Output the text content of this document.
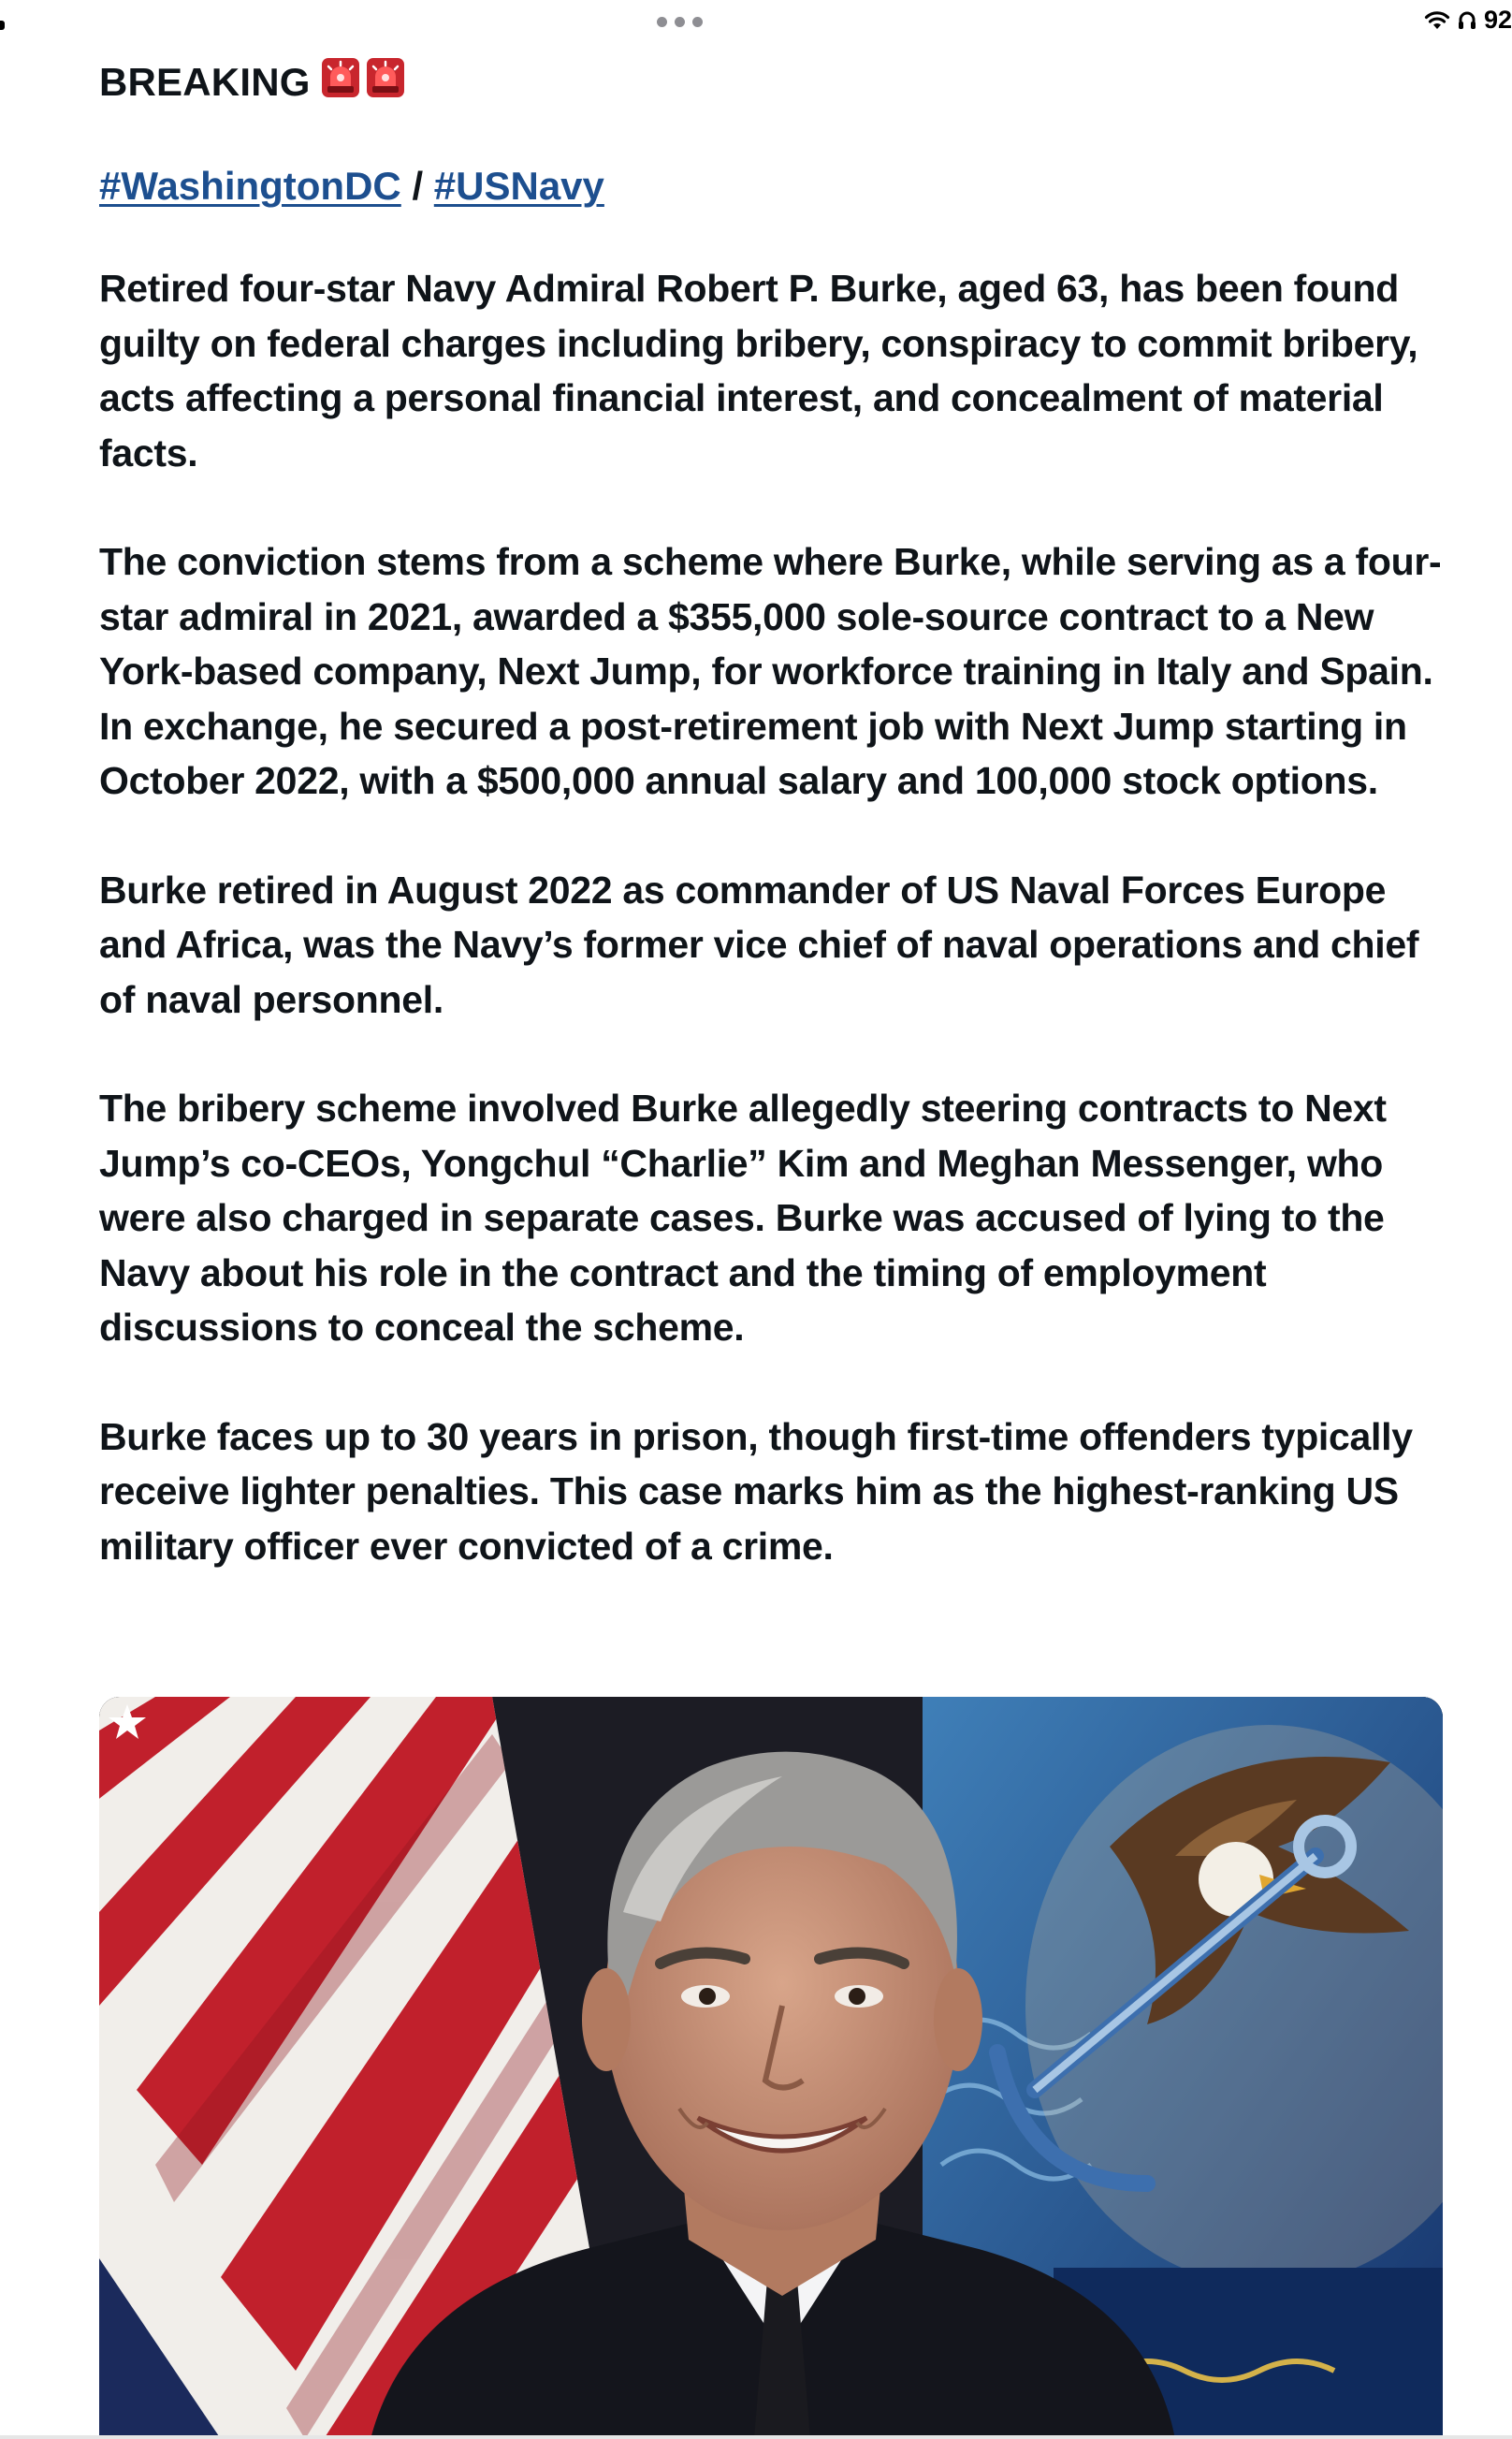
92
BREAKING
#WashingtonDC / #USNavy

Retired four-star Navy Admiral Robert P. Burke, aged 63, has been found guilty on federal charges including bribery, conspiracy to commit bribery, acts affecting a personal financial interest, and concealment of material facts.

The conviction stems from a scheme where Burke, while serving as a four-star admiral in 2021, awarded a $355,000 sole-source contract to a New York-based company, Next Jump, for workforce training in Italy and Spain. In exchange, he secured a post-retirement job with Next Jump starting in October 2022, with a $500,000 annual salary and 100,000 stock options.

Burke retired in August 2022 as commander of US Naval Forces Europe and Africa, was the Navy’s former vice chief of naval operations and chief of naval personnel.

The bribery scheme involved Burke allegedly steering contracts to Next Jump’s co-CEOs, Yongchul “Charlie” Kim and Meghan Messenger, who were also charged in separate cases. Burke was accused of lying to the Navy about his role in the contract and the timing of employment discussions to conceal the scheme.

Burke faces up to 30 years in prison, though first-time offenders typically receive lighter penalties. This case marks him as the highest-ranking US military officer ever convicted of a crime.
